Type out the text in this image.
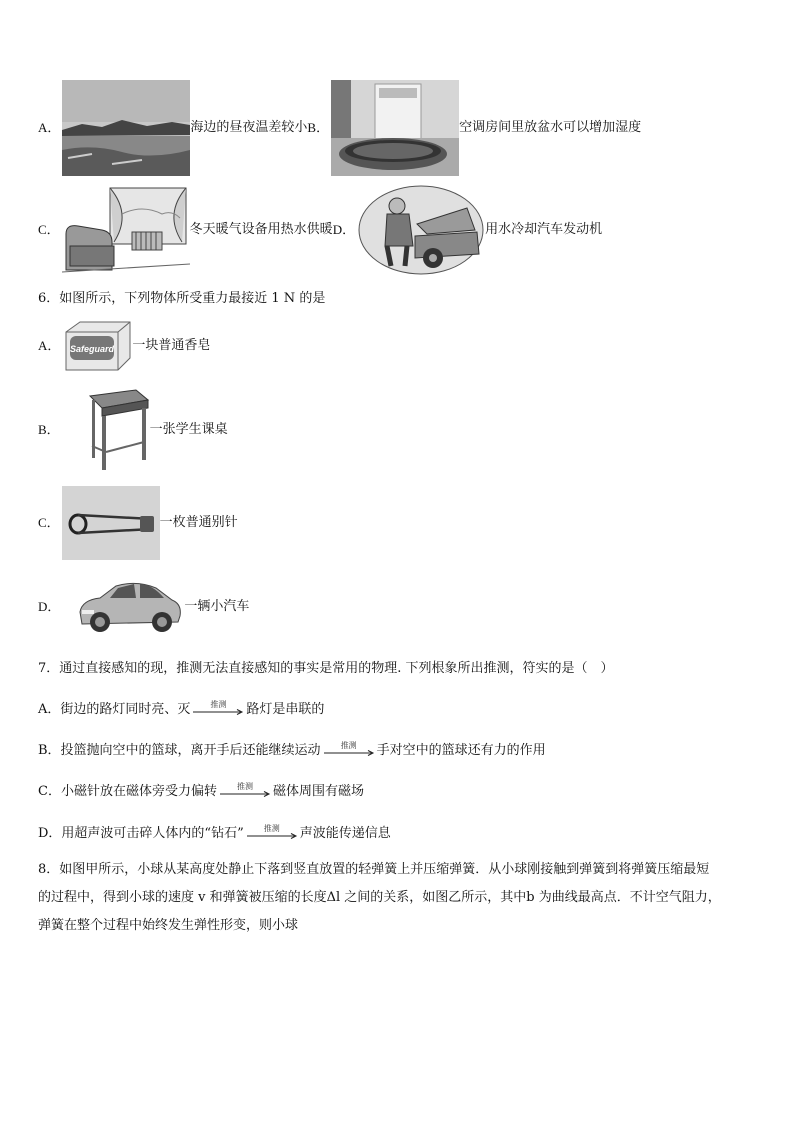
A．	海边的昼夜温差较小 B．	空调房间里放盆水可以增加湿度
C．	冬天暖气设备用热水供暖 D．	用水冷却汽车发动机
6．如图所示，下列物体所受重力最接近 1 N 的是
A． Safeguard 一块普通香皂
B．	一张学生课桌
C．	一枚普通别针
D．	一辆小汽车
7．通过直接感知的现，推测无法直接感知的事实是常用的物理. 下列根象所出推测，符实的是（　）
A．街边的路灯同时亮、灭	推测 路灯是串联的
B．投篮抛向空中的篮球，离开手后还能继续运动	推测 手对空中的篮球还有力的作用
C．小磁针放在磁体旁受力偏转	推测 磁体周围有磁场
D．用超声波可击碎人体内的“钻石”	推测 声波能传递信息
8．如图甲所示，小球从某高度处静止下落到竖直放置的轻弹簧上并压缩弹簧．从小球刚接触到弹簧到将弹簧压缩最短
的过程中，得到小球的速度 v 和弹簧被压缩的长度Δl 之间的关系，如图乙所示，其中b 为曲线最高点．不计空气阻力，
弹簧在整个过程中始终发生弹性形变，则小球
